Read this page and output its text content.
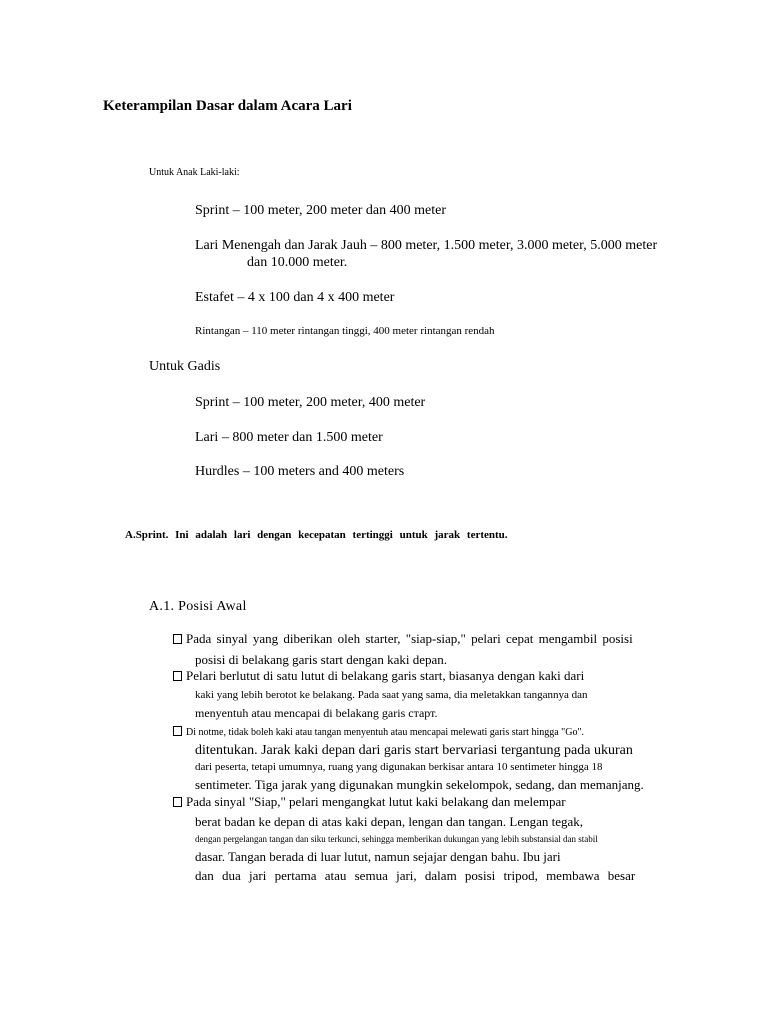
Keterampilan Dasar dalam Acara Lari
Untuk Anak Laki-laki:
Sprint – 100 meter, 200 meter dan 400 meter
Lari Menengah dan Jarak Jauh – 800 meter, 1.500 meter, 3.000 meter, 5.000 meter
dan 10.000 meter.
Estafet – 4 x 100 dan 4 x 400 meter
Rintangan – 110 meter rintangan tinggi, 400 meter rintangan rendah
Untuk Gadis
Sprint – 100 meter, 200 meter, 400 meter
Lari – 800 meter dan 1.500 meter
Hurdles – 100 meters and 400 meters
A.Sprint. Ini adalah lari dengan kecepatan tertinggi untuk jarak tertentu.
A.1. Posisi Awal
Pada sinyal yang diberikan oleh starter, "siap-siap," pelari cepat mengambil posisi
posisi di belakang garis start dengan kaki depan.
Pelari berlutut di satu lutut di belakang garis start, biasanya dengan kaki dari
kaki yang lebih berotot ke belakang. Pada saat yang sama, dia meletakkan tangannya dan
menyentuh atau mencapai di belakang garis старт.
Di notme, tidak boleh kaki atau tangan menyentuh atau mencapai melewati garis start hingga "Go".
ditentukan. Jarak kaki depan dari garis start bervariasi tergantung pada ukuran
dari peserta, tetapi umumnya, ruang yang digunakan berkisar antara 10 sentimeter hingga 18
sentimeter. Tiga jarak yang digunakan mungkin sekelompok, sedang, dan memanjang.
Pada sinyal "Siap," pelari mengangkat lutut kaki belakang dan melempar
berat badan ke depan di atas kaki depan, lengan dan tangan. Lengan tegak,
dengan pergelangan tangan dan siku terkunci, sehingga memberikan dukungan yang lebih substansial dan stabil
dasar. Tangan berada di luar lutut, namun sejajar dengan bahu. Ibu jari
dan dua jari pertama atau semua jari, dalam posisi tripod, membawa besar
